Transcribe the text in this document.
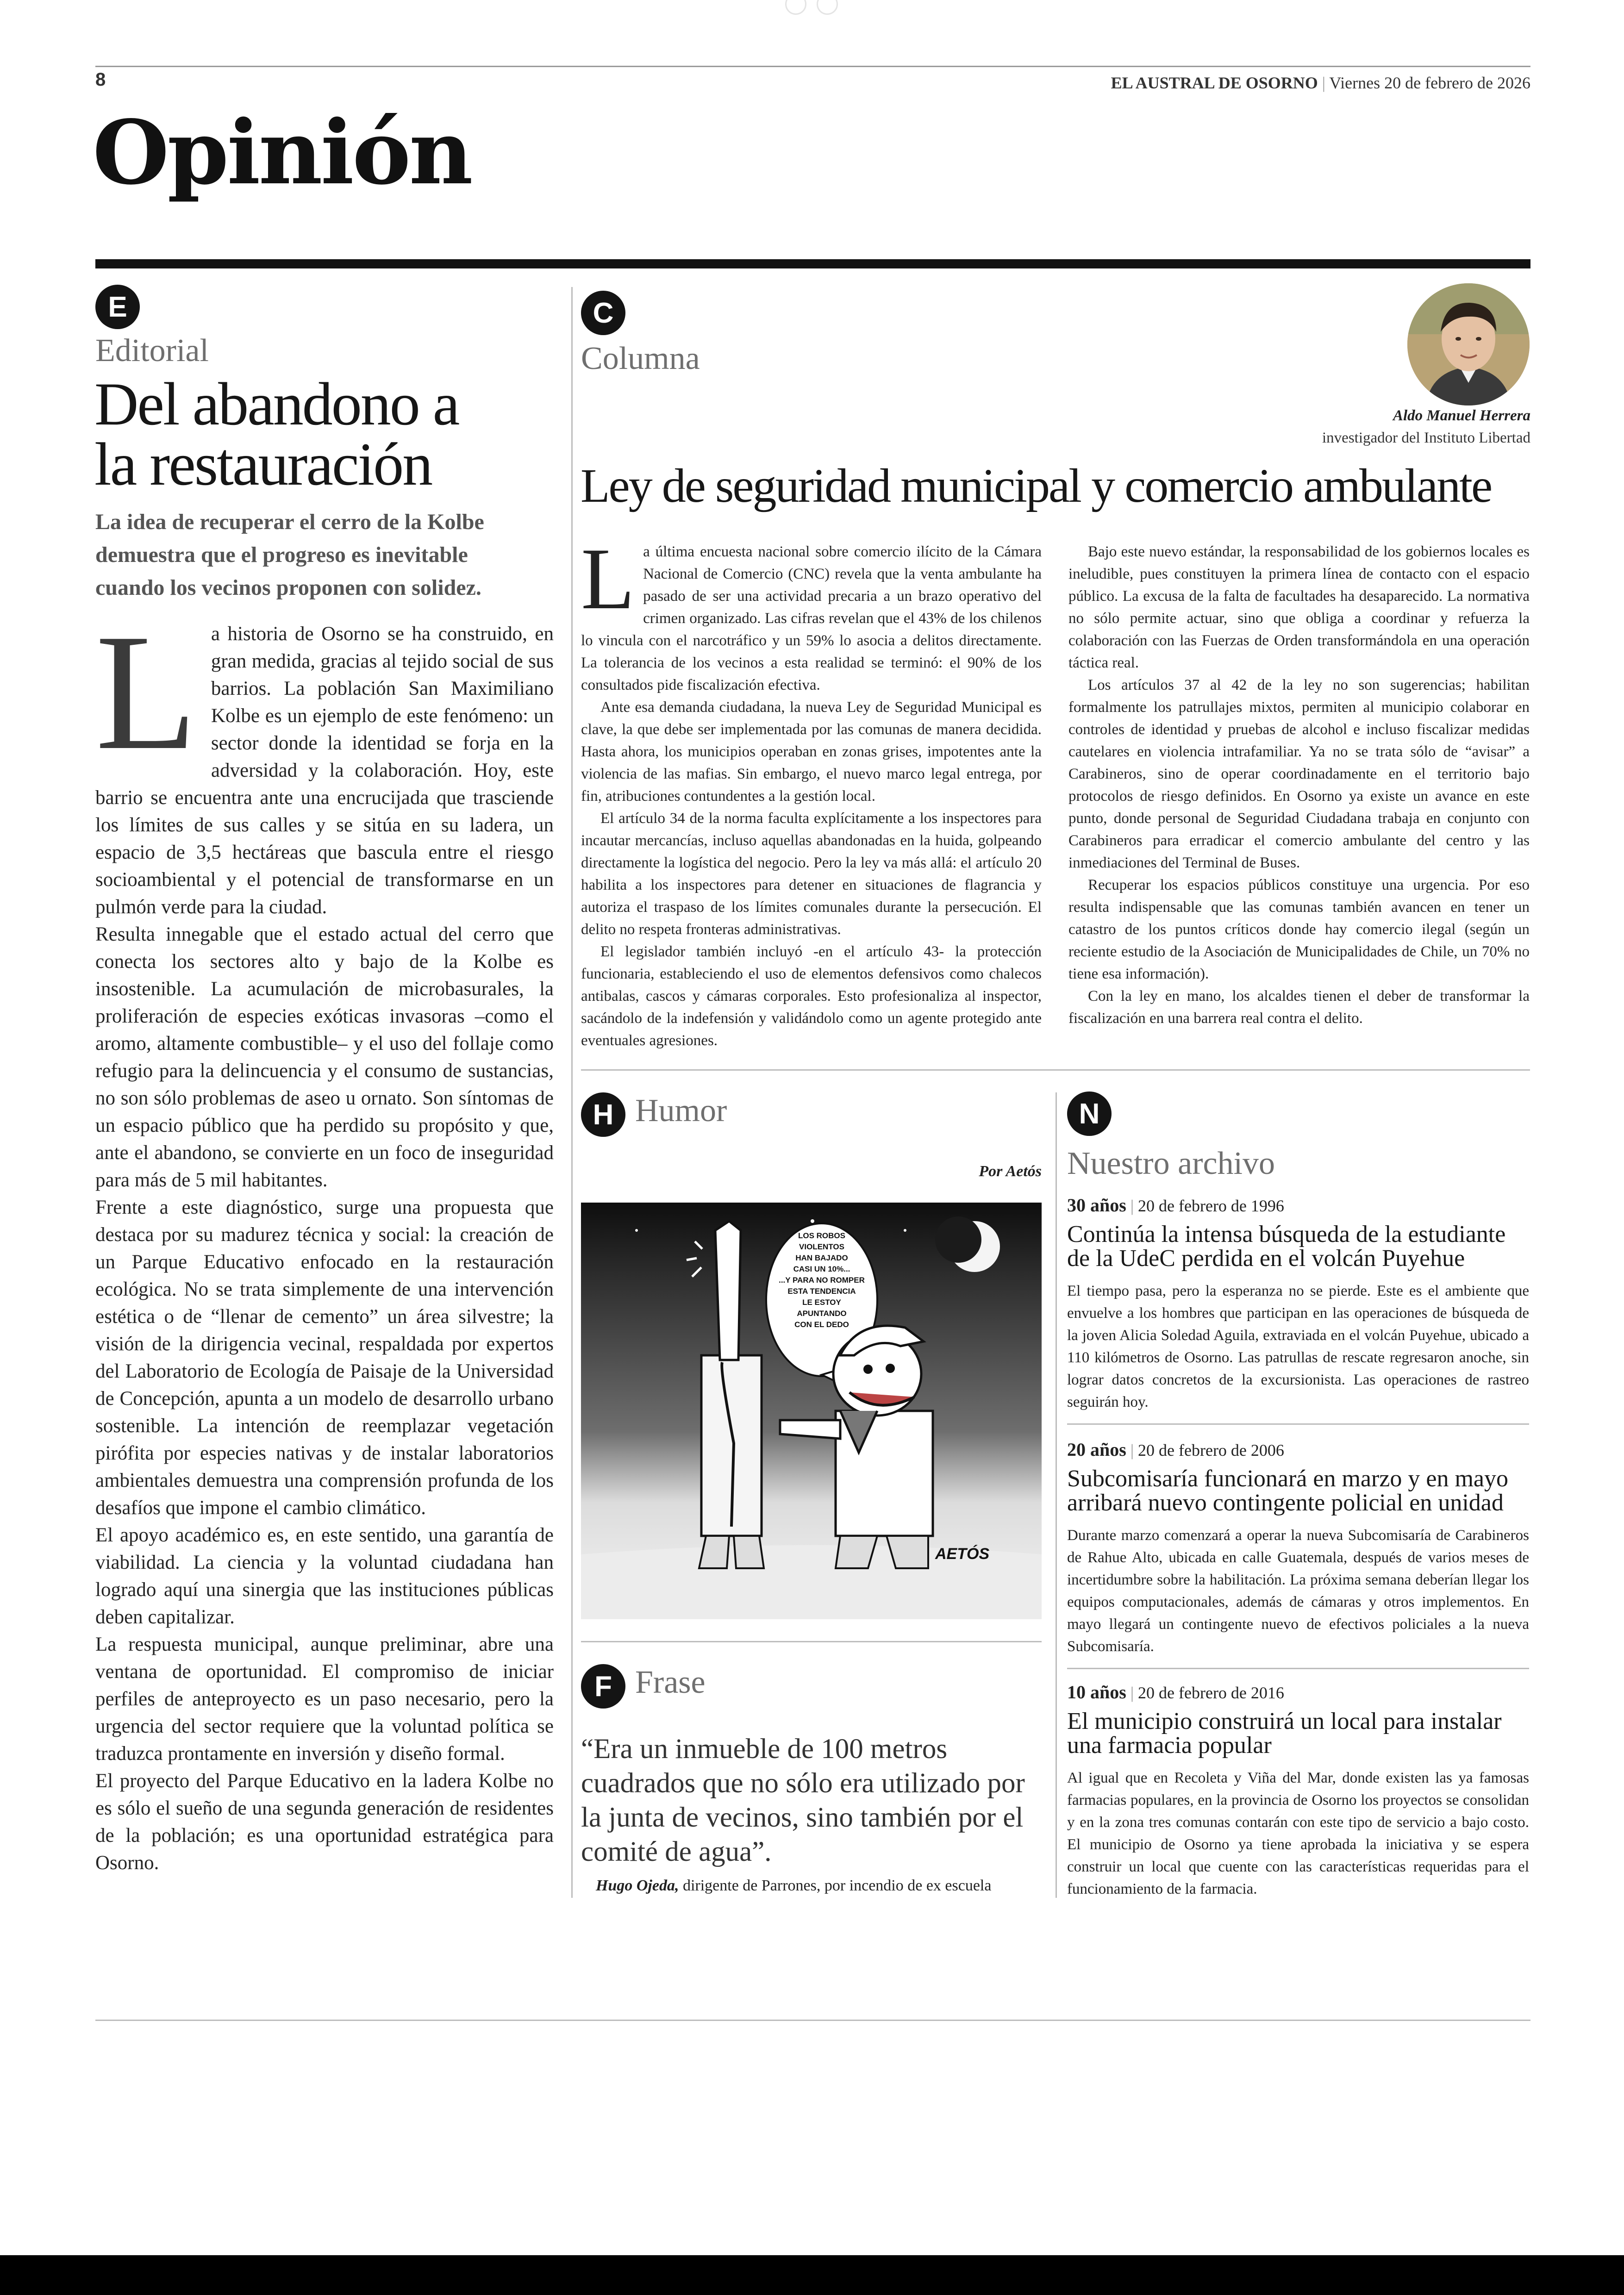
8	EL AUSTRAL DE OSORNO | Viernes 20 de febrero de 2026
Opinión
E
Editorial
Del abandono a
la restauración
La idea de recuperar el cerro de la Kolbe demuestra que el progreso es inevitable cuando los vecinos proponen con solidez.
L a historia de Osorno se ha construido, en gran medida, gracias al tejido social de sus barrios. La población San Maximiliano Kolbe es un ejemplo de este fenómeno: un sector donde la identidad se forja en la adversidad y la colaboración. Hoy, este barrio se encuentra ante una encrucijada que trasciende los límites de sus calles y se sitúa en su ladera, un espacio de 3,5 hectáreas que bascula entre el riesgo socioambiental y el potencial de transformarse en un pulmón verde para la ciudad.

Resulta innegable que el estado actual del cerro que conecta los sectores alto y bajo de la Kolbe es insostenible. La acumulación de microbasurales, la proliferación de especies exóticas invasoras –como el aromo, altamente combustible– y el uso del follaje como refugio para la delincuencia y el consumo de sustancias, no son sólo problemas de aseo u ornato. Son síntomas de un espacio público que ha perdido su propósito y que, ante el abandono, se convierte en un foco de inseguridad para más de 5 mil habitantes.

Frente a este diagnóstico, surge una propuesta que destaca por su madurez técnica y social: la creación de un Parque Educativo enfocado en la restauración ecológica. No se trata simplemente de una intervención estética o de “llenar de cemento” un área silvestre; la visión de la dirigencia vecinal, respaldada por expertos del Laboratorio de Ecología de Paisaje de la Universidad de Concepción, apunta a un modelo de desarrollo urbano sostenible. La intención de reemplazar vegetación pirófita por especies nativas y de instalar laboratorios ambientales demuestra una comprensión profunda de los desafíos que impone el cambio climático.

El apoyo académico es, en este sentido, una garantía de viabilidad. La ciencia y la voluntad ciudadana han logrado aquí una sinergia que las instituciones públicas deben capitalizar.

La respuesta municipal, aunque preliminar, abre una ventana de oportunidad. El compromiso de iniciar perfiles de anteproyecto es un paso necesario, pero la urgencia del sector requiere que la voluntad política se traduzca prontamente en inversión y diseño formal.

El proyecto del Parque Educativo en la ladera Kolbe no es sólo el sueño de una segunda generación de residentes de la población; es una oportunidad estratégica para Osorno.

C
Columna
Aldo Manuel Herrera
investigador del Instituto Libertad
Ley de seguridad municipal y comercio ambulante
L a última encuesta nacional sobre comercio ilícito de la Cámara Nacional de Comercio (CNC) revela que la venta ambulante ha pasado de ser una actividad precaria a un brazo operativo del crimen organizado. Las cifras revelan que el 43% de los chilenos lo vincula con el narcotráfico y un 59% lo asocia a delitos directamente. La tolerancia de los vecinos a esta realidad se terminó: el 90% de los consultados pide fiscalización efectiva.

Ante esa demanda ciudadana, la nueva Ley de Seguridad Municipal es clave, la que debe ser implementada por las comunas de manera decidida. Hasta ahora, los municipios operaban en zonas grises, impotentes ante la violencia de las mafias. Sin embargo, el nuevo marco legal entrega, por fin, atribuciones contundentes a la gestión local.

El artículo 34 de la norma faculta explícitamente a los inspectores para incautar mercancías, incluso aquellas abandonadas en la huida, golpeando directamente la logística del negocio. Pero la ley va más allá: el artículo 20 habilita a los inspectores para detener en situaciones de flagrancia y autoriza el traspaso de los límites comunales durante la persecución. El delito no respeta fronteras administrativas.

El legislador también incluyó -en el artículo 43- la protección funcionaria, estableciendo el uso de elementos defensivos como chalecos antibalas, cascos y cámaras corporales. Esto profesionaliza al inspector, sacándolo de la indefensión y validándolo como un agente protegido ante eventuales agresiones.

Bajo este nuevo estándar, la responsabilidad de los gobiernos locales es ineludible, pues constituyen la primera línea de contacto con el espacio público. La excusa de la falta de facultades ha desaparecido. La normativa no sólo permite actuar, sino que obliga a coordinar y refuerza la colaboración con las Fuerzas de Orden transformándola en una operación táctica real.

Los artículos 37 al 42 de la ley no son sugerencias; habilitan formalmente los patrullajes mixtos, permiten al municipio colaborar en controles de identidad y pruebas de alcohol e incluso fiscalizar medidas cautelares en violencia intrafamiliar. Ya no se trata sólo de “avisar” a Carabineros, sino de operar coordinadamente en el territorio bajo protocolos de riesgo definidos. En Osorno ya existe un avance en este punto, donde personal de Seguridad Ciudadana trabaja en conjunto con Carabineros para erradicar el comercio ambulante del centro y las inmediaciones del Terminal de Buses.

Recuperar los espacios públicos constituye una urgencia. Por eso resulta indispensable que las comunas también avancen en tener un catastro de los puntos críticos donde hay comercio ilegal (según un reciente estudio de la Asociación de Municipalidades de Chile, un 70% no tiene esa información).

Con la ley en mano, los alcaldes tienen el deber de transformar la fiscalización en una barrera real contra el delito.

H Humor
Por Aetós
LOS ROBOS
VIOLENTOS
HAN BAJADO
CASI UN 10%...
...Y PARA NO ROMPER
ESTA TENDENCIA
LE ESTOY
APUNTANDO
CON EL DEDO
AETÓS
F Frase
“Era un inmueble de 100 metros cuadrados que no sólo era utilizado por la junta de vecinos, sino también por el comité de agua”.
Hugo Ojeda, dirigente de Parrones, por incendio de ex escuela
N
Nuestro archivo
30 años | 20 de febrero de 1996
Continúa la intensa búsqueda de la estudiante de la UdeC perdida en el volcán Puyehue
El tiempo pasa, pero la esperanza no se pierde. Este es el ambiente que envuelve a los hombres que participan en las operaciones de búsqueda de la joven Alicia Soledad Aguila, extraviada en el volcán Puyehue, ubicado a 110 kilómetros de Osorno. Las patrullas de rescate regresaron anoche, sin lograr datos concretos de la excursionista. Las operaciones de rastreo seguirán hoy.
20 años | 20 de febrero de 2006
Subcomisaría funcionará en marzo y en mayo arribará nuevo contingente policial en unidad
Durante marzo comenzará a operar la nueva Subcomisaría de Carabineros de Rahue Alto, ubicada en calle Guatemala, después de varios meses de incertidumbre sobre la habilitación. La próxima semana deberían llegar los equipos computacionales, además de cámaras y otros implementos. En mayo llegará un contingente nuevo de efectivos policiales a la nueva Subcomisaría.
10 años | 20 de febrero de 2016
El municipio construirá un local para instalar una farmacia popular
Al igual que en Recoleta y Viña del Mar, donde existen las ya famosas farmacias populares, en la provincia de Osorno los proyectos se consolidan y en la zona tres comunas contarán con este tipo de servicio a bajo costo. El municipio de Osorno ya tiene aprobada la iniciativa y se espera construir un local que cuente con las características requeridas para el funcionamiento de la farmacia.
